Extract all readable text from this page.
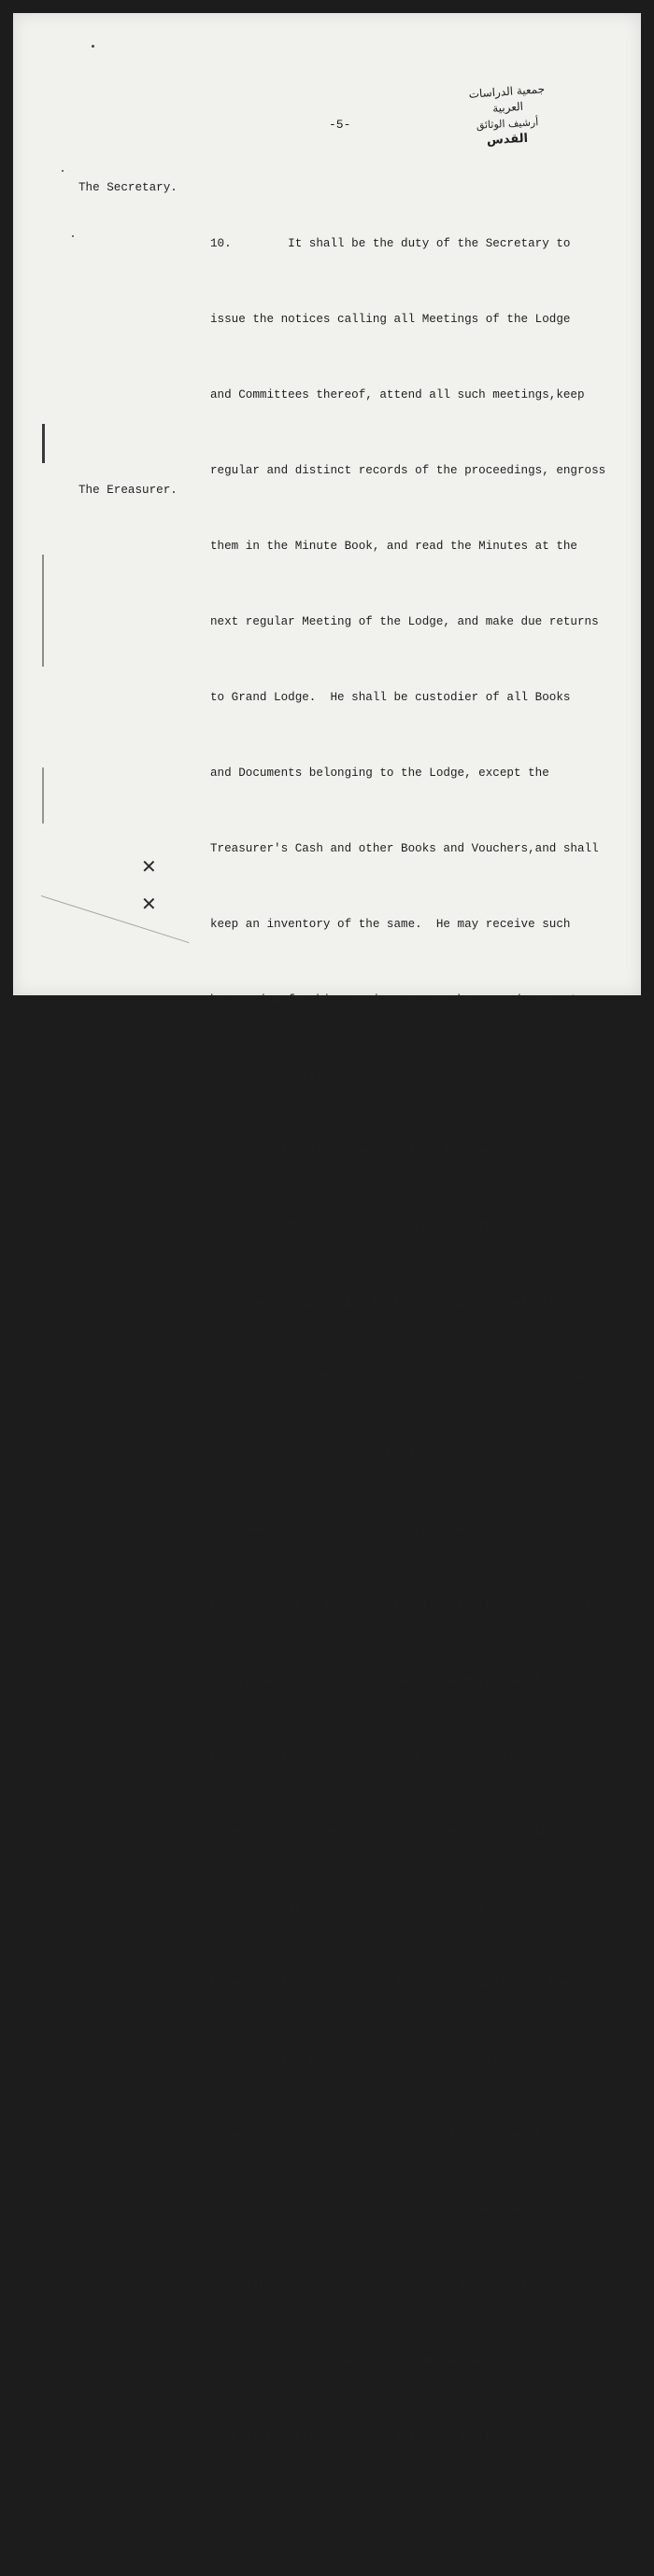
جمعية الدراسات العربية
أرشيف الوثائق
القدس
-5-
The Secretary.
The Ereasurer.

10.        It shall be the duty of the Secretary to

issue the notices calling all Meetings of the Lodge

and Committees thereof, attend all such meetings,keep

regular and distinct records of the proceedings, engross

them in the Minute Book, and read the Minutes at the

next regular Meeting of the Lodge, and make due returns

to Grand Lodge.  He shall be custodier of all Books

and Documents belonging to the Lodge, except the

Treasurer's Cash and other Books and Vouchers,and shall

keep an inventory of the same.  He may receive such

honorarium for his services as may be agreed upon at

the Annual Meeting.

11.       The Treasurer shall collect and shall be

custodier of, all monies belonging to the Lodge. He

shall be provided with Books, wherein he shall keep

a correct account of his whole intromissions with the

funds of the Lodge.  He shall keep a Bank Account in

the name of the Lodge, to be operated upon by the

Master, and the Treasurer for the time being.  He shall

not retain in his hands at any time more than Five

Pounds of the Lodge Funds.  He shall pay all Grand

Lodge dues irrespective of any order from the Lodge

or the Committee thereof, and all other claims after

being sanctioned by the Lodge and initialled by the

Master or the Brother who presides in his absence.

He may be called upon at any time by the Committee

for an account of his intromissions.  At the end of

each financial year, viz. 1st Saturday of October, he

shall close his books and prepare an Abstract State-

ment of Receipts and Expenditure and a Balance Sheet

for submission to the Auditors.

✕
✕
